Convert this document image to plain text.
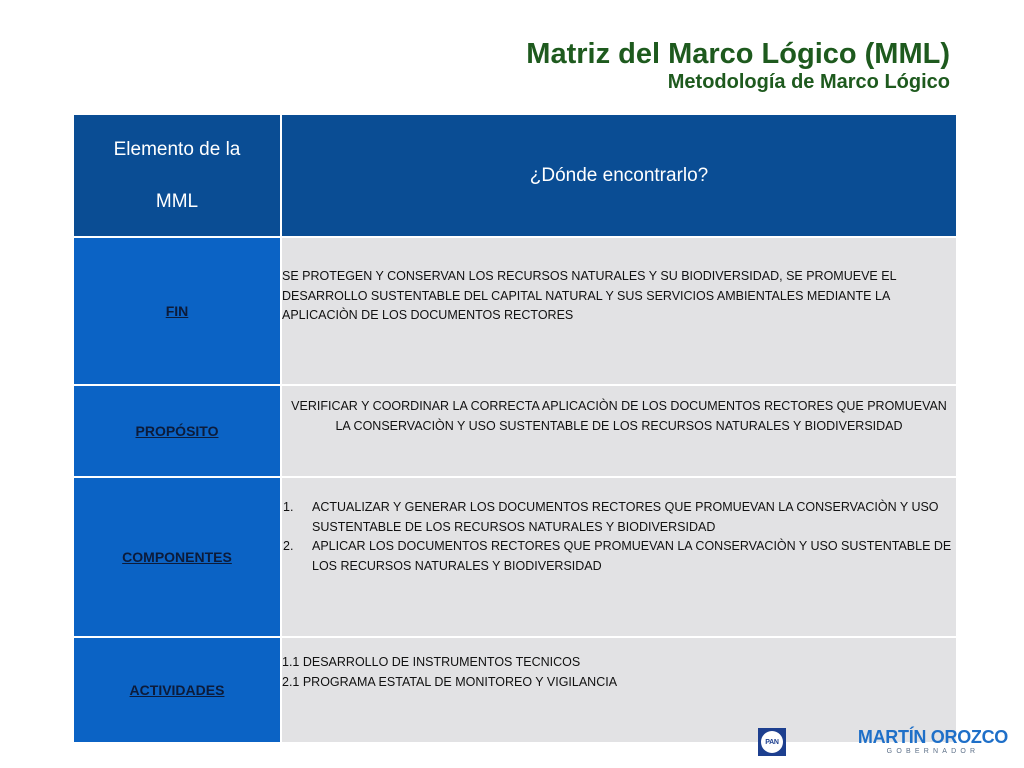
Matriz del Marco Lógico (MML)
Metodología de Marco Lógico
Elemento de la
MML	¿Dónde encontrarlo?
FIN	SE PROTEGEN Y CONSERVAN LOS RECURSOS NATURALES Y SU BIODIVERSIDAD, SE PROMUEVE EL DESARROLLO SUSTENTABLE DEL CAPITAL NATURAL Y SUS SERVICIOS AMBIENTALES MEDIANTE LA APLICACIÒN DE LOS DOCUMENTOS RECTORES
PROPÓSITO	VERIFICAR Y COORDINAR LA CORRECTA APLICACIÒN DE LOS DOCUMENTOS RECTORES QUE PROMUEVAN LA CONSERVACIÒN Y USO SUSTENTABLE DE LOS RECURSOS NATURALES Y BIODIVERSIDAD
COMPONENTES	1. ACTUALIZAR Y GENERAR LOS DOCUMENTOS RECTORES QUE PROMUEVAN LA CONSERVACIÒN Y USO SUSTENTABLE DE LOS RECURSOS NATURALES Y BIODIVERSIDAD
2. APLICAR LOS DOCUMENTOS RECTORES QUE PROMUEVAN LA CONSERVACIÒN Y USO SUSTENTABLE DE LOS RECURSOS NATURALES Y BIODIVERSIDAD

ACTIVIDADES	1.1 DESARROLLO DE INSTRUMENTOS TECNICOS
2.1 PROGRAMA ESTATAL DE MONITOREO Y VIGILANCIA
PAN	MARTÍN OROZCO
GOBERNADOR
